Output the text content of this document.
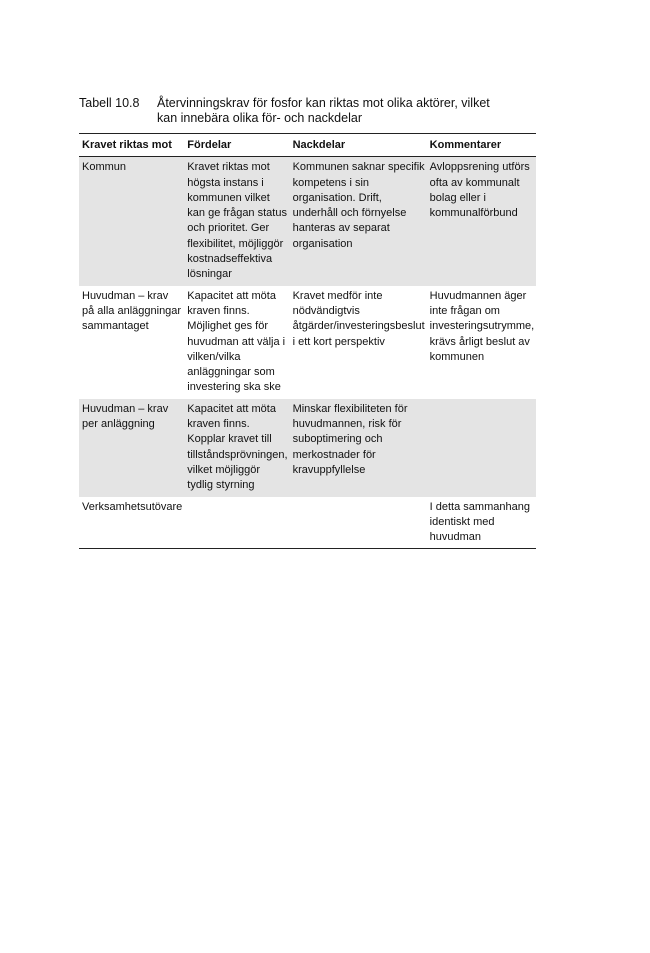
Tabell 10.8	Återvinningskrav för fosfor kan riktas mot olika aktörer, vilket kan innebära olika för- och nackdelar
Kravet riktas mot	Fördelar	Nackdelar	Kommentarer
Kommun	Kravet riktas mot högsta instans i kommunen vilket kan ge frågan status och prioritet. Ger flexibilitet, möjliggör kostnadseffektiva lösningar	Kommunen saknar specifik kompetens i sin organisation. Drift, underhåll och förnyelse hanteras av separat organisation	Avloppsrening utförs ofta av kommunalt bolag eller i kommunalförbund
Huvudman – krav på alla anläggningar sammantaget	Kapacitet att möta kraven finns. Möjlighet ges för huvudman att välja i vilken/vilka anläggningar som investering ska ske	Kravet medför inte nödvändigtvis åtgärder/investeringsbeslut i ett kort perspektiv	Huvudmannen äger inte frågan om investeringsutrymme, krävs årligt beslut av kommunen
Huvudman – krav per anläggning	Kapacitet att möta kraven finns. Kopplar kravet till tillståndsprövningen, vilket möjliggör tydlig styrning	Minskar flexibiliteten för huvudmannen, risk för suboptimering och merkostnader för kravuppfyllelse	
Verksamhetsutövare			I detta sammanhang identiskt med huvudman
